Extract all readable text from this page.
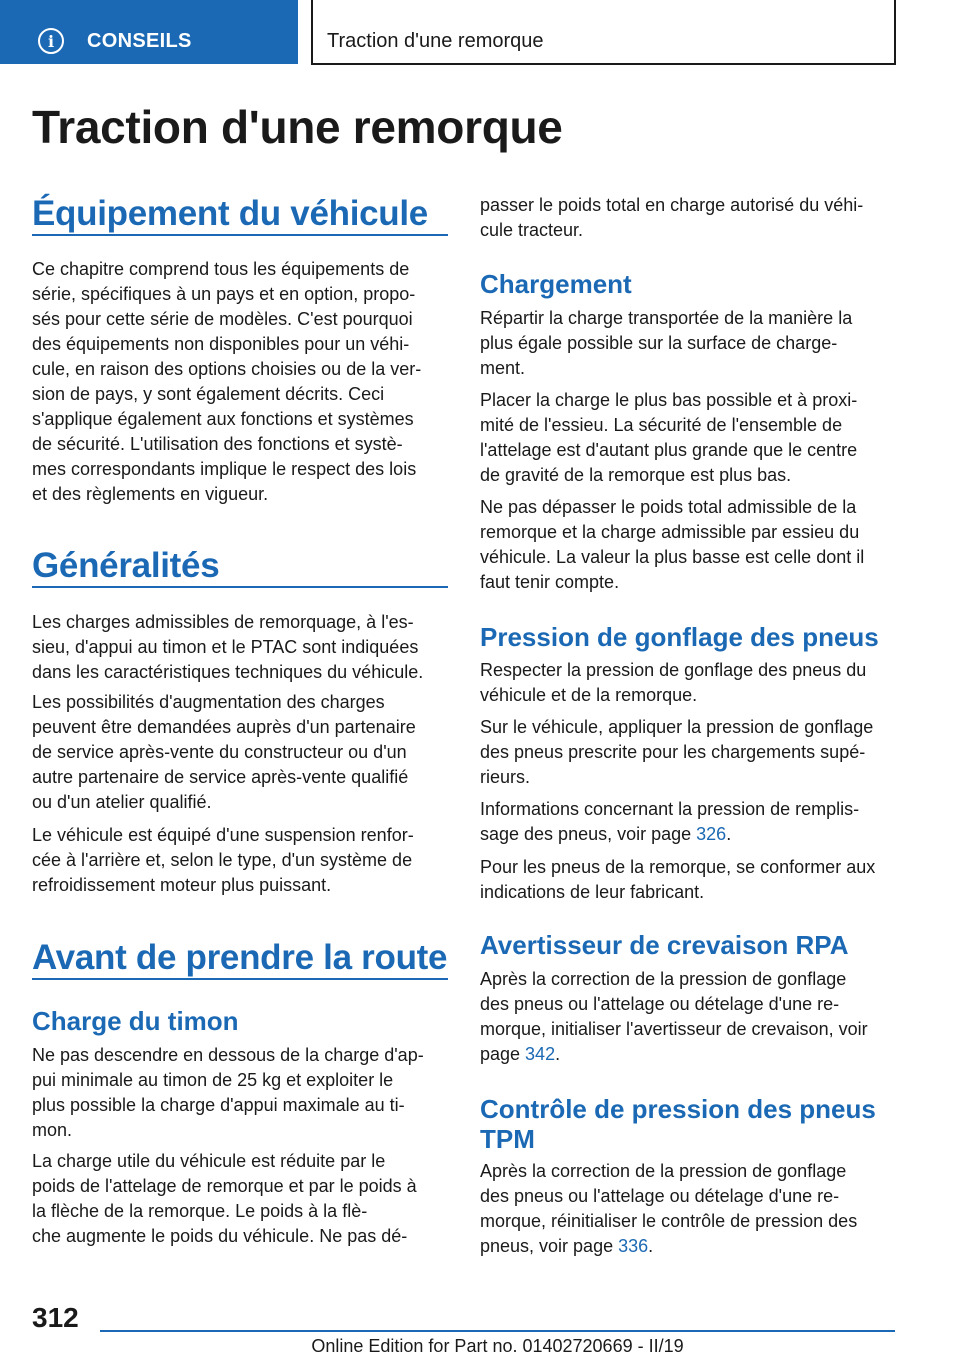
i	CONSEILS	Traction d'une remorque
Traction d'une remorque
Équipement du véhicule
Ce chapitre comprend tous les équipements de
série, spécifiques à un pays et en option, propo-
sés pour cette série de modèles. C'est pourquoi
des équipements non disponibles pour un véhi-
cule, en raison des options choisies ou de la ver-
sion de pays, y sont également décrits. Ceci
s'applique également aux fonctions et systèmes
de sécurité. L'utilisation des fonctions et systè-
mes correspondants implique le respect des lois
et des règlements en vigueur.
Généralités
Les charges admissibles de remorquage, à l'es-
sieu, d'appui au timon et le PTAC sont indiquées
dans les caractéristiques techniques du véhicule.
Les possibilités d'augmentation des charges
peuvent être demandées auprès d'un partenaire
de service après-vente du constructeur ou d'un
autre partenaire de service après-vente qualifié
ou d'un atelier qualifié.
Le véhicule est équipé d'une suspension renfor-
cée à l'arrière et, selon le type, d'un système de
refroidissement moteur plus puissant.
Avant de prendre la route
Charge du timon
Ne pas descendre en dessous de la charge d'ap-
pui minimale au timon de 25 kg et exploiter le
plus possible la charge d'appui maximale au ti-
mon.
La charge utile du véhicule est réduite par le
poids de l'attelage de remorque et par le poids à
la flèche de la remorque. Le poids à la flè-
che augmente le poids du véhicule. Ne pas dé-
passer le poids total en charge autorisé du véhi-
cule tracteur.
Chargement
Répartir la charge transportée de la manière la
plus égale possible sur la surface de charge-
ment.
Placer la charge le plus bas possible et à proxi-
mité de l'essieu. La sécurité de l'ensemble de
l'attelage est d'autant plus grande que le centre
de gravité de la remorque est plus bas.
Ne pas dépasser le poids total admissible de la
remorque et la charge admissible par essieu du
véhicule. La valeur la plus basse est celle dont il
faut tenir compte.
Pression de gonflage des pneus
Respecter la pression de gonflage des pneus du
véhicule et de la remorque.
Sur le véhicule, appliquer la pression de gonflage
des pneus prescrite pour les chargements supé-
rieurs.
Informations concernant la pression de remplis-
sage des pneus, voir page 326.
Pour les pneus de la remorque, se conformer aux
indications de leur fabricant.
Avertisseur de crevaison RPA
Après la correction de la pression de gonflage
des pneus ou l'attelage ou dételage d'une re-
morque, initialiser l'avertisseur de crevaison, voir
page 342.
Contrôle de pression des pneus
TPM
Après la correction de la pression de gonflage
des pneus ou l'attelage ou dételage d'une re-
morque, réinitialiser le contrôle de pression des
pneus, voir page 336.
312
Online Edition for Part no. 01402720669 - II/19
